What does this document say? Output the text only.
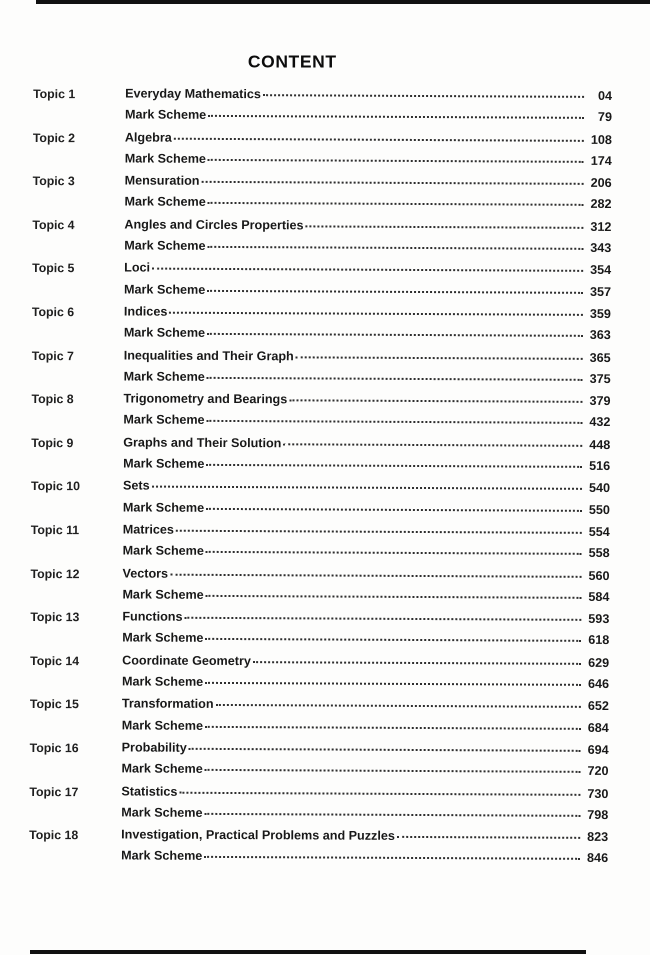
CONTENT
Topic 1	Everyday Mathematics	04
Mark Scheme	79
Topic 2	Algebra	108
Mark Scheme	174
Topic 3	Mensuration	206
Mark Scheme	282
Topic 4	Angles and Circles Properties	312
Mark Scheme	343
Topic 5	Loci	354
Mark Scheme	357
Topic 6	Indices	359
Mark Scheme	363
Topic 7	Inequalities and Their Graph	365
Mark Scheme	375
Topic 8	Trigonometry and Bearings	379
Mark Scheme	432
Topic 9	Graphs and Their Solution	448
Mark Scheme	516
Topic 10	Sets	540
Mark Scheme	550
Topic 11	Matrices	554
Mark Scheme	558
Topic 12	Vectors	560
Mark Scheme	584
Topic 13	Functions	593
Mark Scheme	618
Topic 14	Coordinate Geometry	629
Mark Scheme	646
Topic 15	Transformation	652
Mark Scheme	684
Topic 16	Probability	694
Mark Scheme	720
Topic 17	Statistics	730
Mark Scheme	798
Topic 18	Investigation, Practical Problems and Puzzles	823
Mark Scheme	846
